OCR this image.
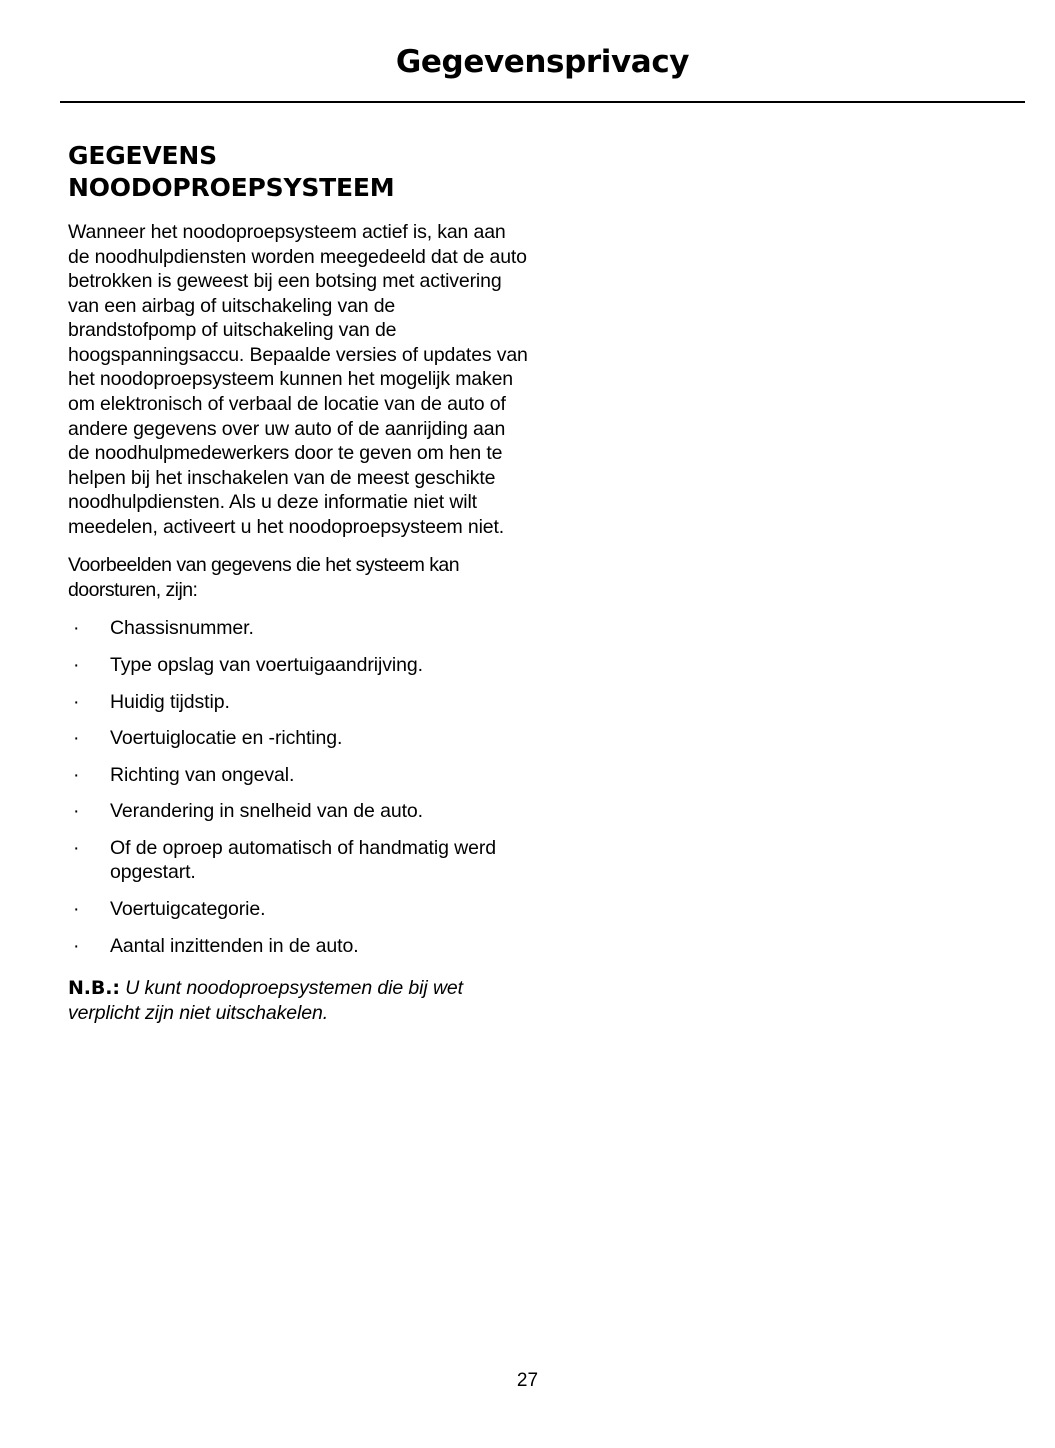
Gegevensprivacy
GEGEVENS NOODOPROEPSYSTEEM

Wanneer het noodoproepsysteem actief is, kan aan de noodhulpdiensten worden meegedeeld dat de auto betrokken is geweest bij een botsing met activering van een airbag of uitschakeling van de brandstofpomp of uitschakeling van de hoogspanningsaccu. Bepaalde versies of updates van het noodoproepsysteem kunnen het mogelijk maken om elektronisch of verbaal de locatie van de auto of andere gegevens over uw auto of de aanrijding aan de noodhulpmedewerkers door te geven om hen te helpen bij het inschakelen van de meest geschikte noodhulpdiensten. Als u deze informatie niet wilt meedelen, activeert u het noodoproepsysteem niet.

Voorbeelden van gegevens die het systeem kan doorsturen, zijn:

· Chassisnummer.
· Type opslag van voertuigaandrijving.
· Huidig tijdstip.
· Voertuiglocatie en -richting.
· Richting van ongeval.
· Verandering in snelheid van de auto.
· Of de oproep automatisch of handmatig werd opgestart.
· Voertuigcategorie.
· Aantal inzittenden in de auto.

N.B.: U kunt noodoproepsystemen die bij wet verplicht zijn niet uitschakelen.

27
